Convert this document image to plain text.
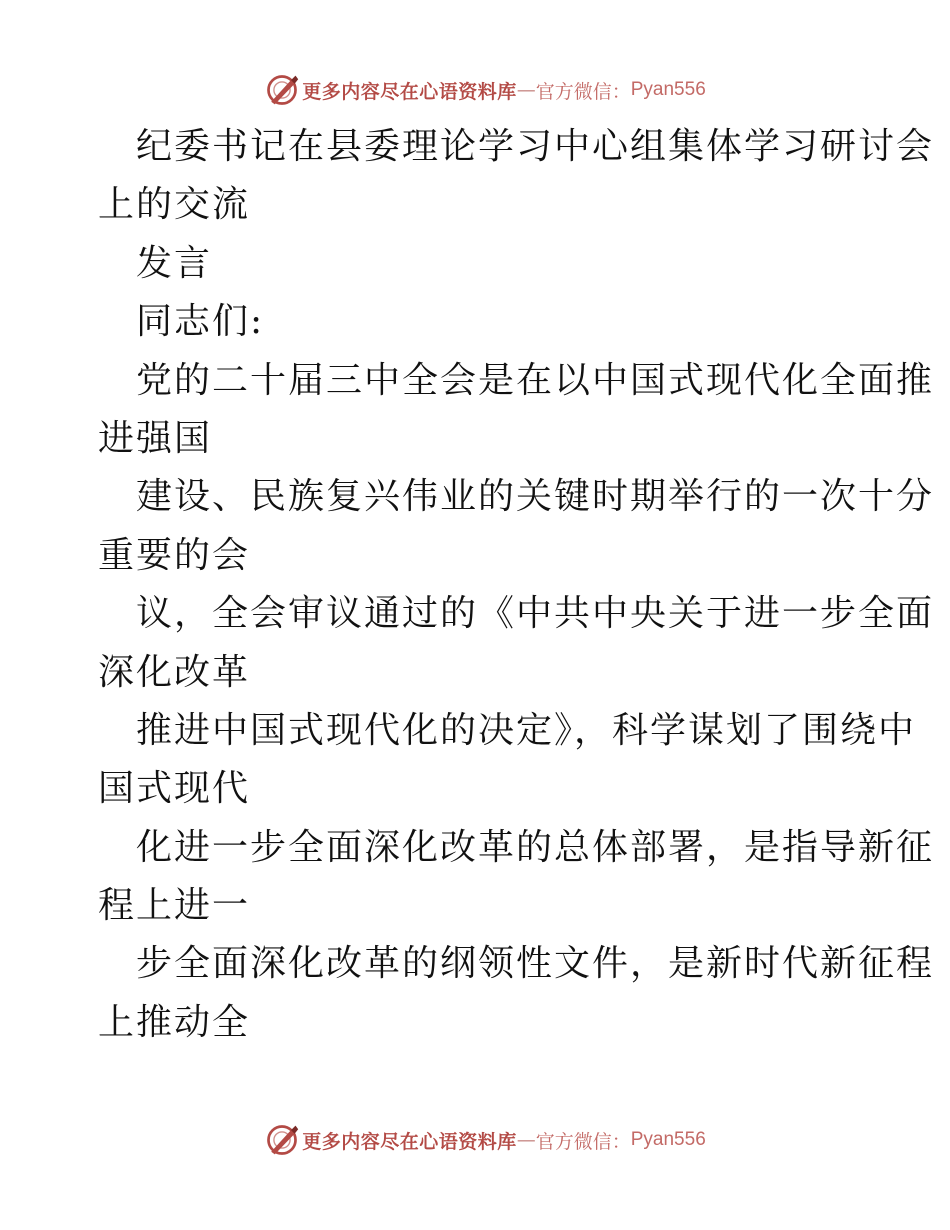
更多内容尽在心语资料库 — 官方微信： Pyan556
纪委书记在县委理论学习中心组集体学习研讨会
上的交流
发言
同志们:
党的二十届三中全会是在以中国式现代化全面推
进强国
建设、民族复兴伟业的关键时期举行的一次十分
重要的会
议，全会审议通过的《中共中央关于进一步全面
深化改革
推进中国式现代化的决定》，科学谋划了围绕中
国式现代
化进一步全面深化改革的总体部署，是指导新征
程上进一
步全面深化改革的纲领性文件，是新时代新征程
上推动全
更多内容尽在心语资料库 — 官方微信： Pyan556
